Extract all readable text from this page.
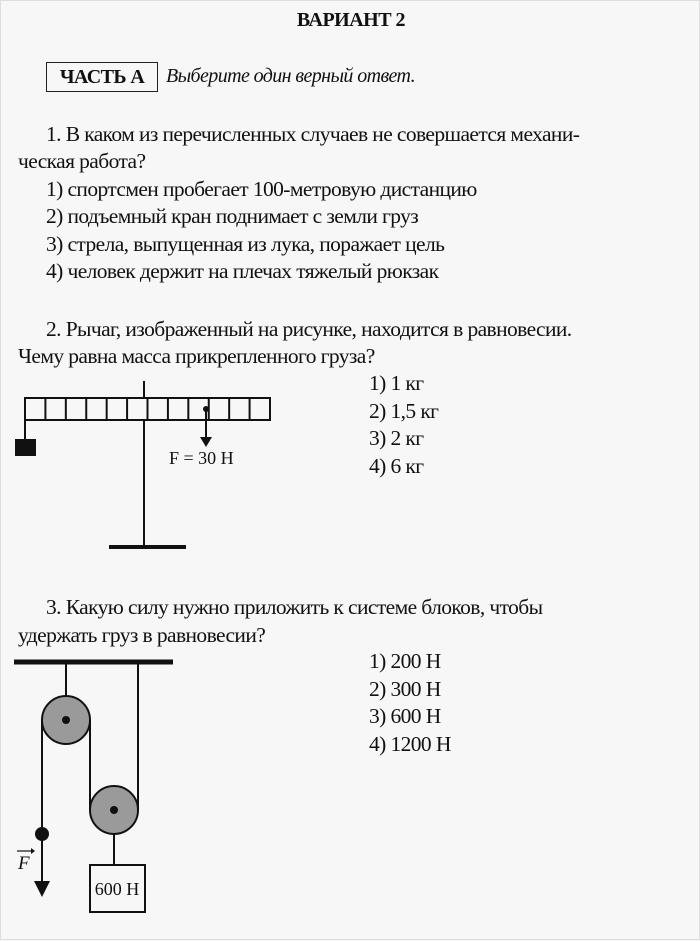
ВАРИАНТ 2
ЧАСТЬ А	Выберите один верный ответ.
1. В каком из перечисленных случаев не совершается механи-
ческая работа?
1) спортсмен пробегает 100-метровую дистанцию
2) подъемный кран поднимает с земли груз
3) стрела, выпущенная из лука, поражает цель
4) человек держит на плечах тяжелый рюкзак
2. Рычаг, изображенный на рисунке, находится в равновесии.
Чему равна масса прикрепленного груза?
1) 1 кг
2) 1,5 кг
3) 2 кг
4) 6 кг
F = 30 Н
F
600 Н
3. Какую силу нужно приложить к системе блоков, чтобы
удержать груз в равновесии?
1) 200 Н
2) 300 Н
3) 600 Н
4) 1200 Н
